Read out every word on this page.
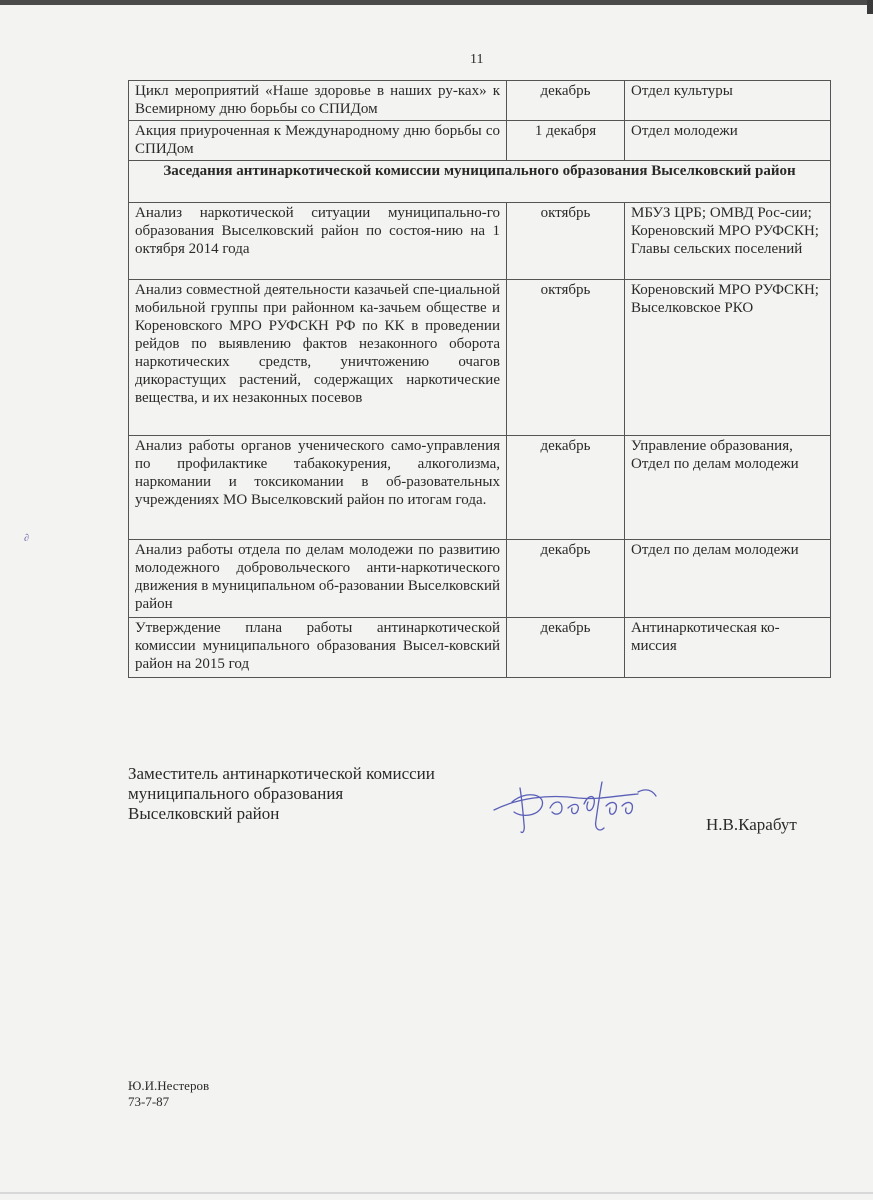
11
Цикл мероприятий «Наше здоровье в наших ру-ках» к Всемирному дню борьбы со СПИДом	декабрь	Отдел культуры
Акция приуроченная к Международному дню борьбы со СПИДом	1 декабря	Отдел молодежи
Заседания антинаркотической комиссии муниципального образования Выселковский район		
Анализ наркотической ситуации муниципально-го образования Выселковский район по состоя-нию на 1 октября 2014 года	октябрь	МБУЗ ЦРБ; ОМВД Рос-сии; Кореновский МРО РУФСКН; Главы сельских поселений
Анализ совместной деятельности казачьей спе-циальной мобильной группы при районном ка-зачьем обществе и Кореновского МРО РУФСКН РФ по КК в проведении рейдов по выявлению фактов незаконного оборота наркотических средств, уничтожению очагов дикорастущих растений, содержащих наркотические вещества, и их незаконных посевов	октябрь	Кореновский МРО РУФСКН; Выселковское РКО
Анализ работы органов ученического само-управления по профилактике табакокурения, алкоголизма, наркомании и токсикомании в об-разовательных учреждениях МО Выселковский район по итогам года.	декабрь	Управление образования, Отдел по делам молодежи
Анализ работы отдела по делам молодежи по развитию молодежного добровольческого анти-наркотического движения в муниципальном об-разовании Выселковский район	декабрь	Отдел по делам молодежи
Утверждение плана работы антинаркотической комиссии муниципального образования Высел-ковский район на 2015 год	декабрь	Антинаркотическая ко-миссия
Заместитель антинаркотической комиссии
муниципального образования
Выселковский район
Н.В.Карабут
Ю.И.Нестеров
73-7-87
∂
